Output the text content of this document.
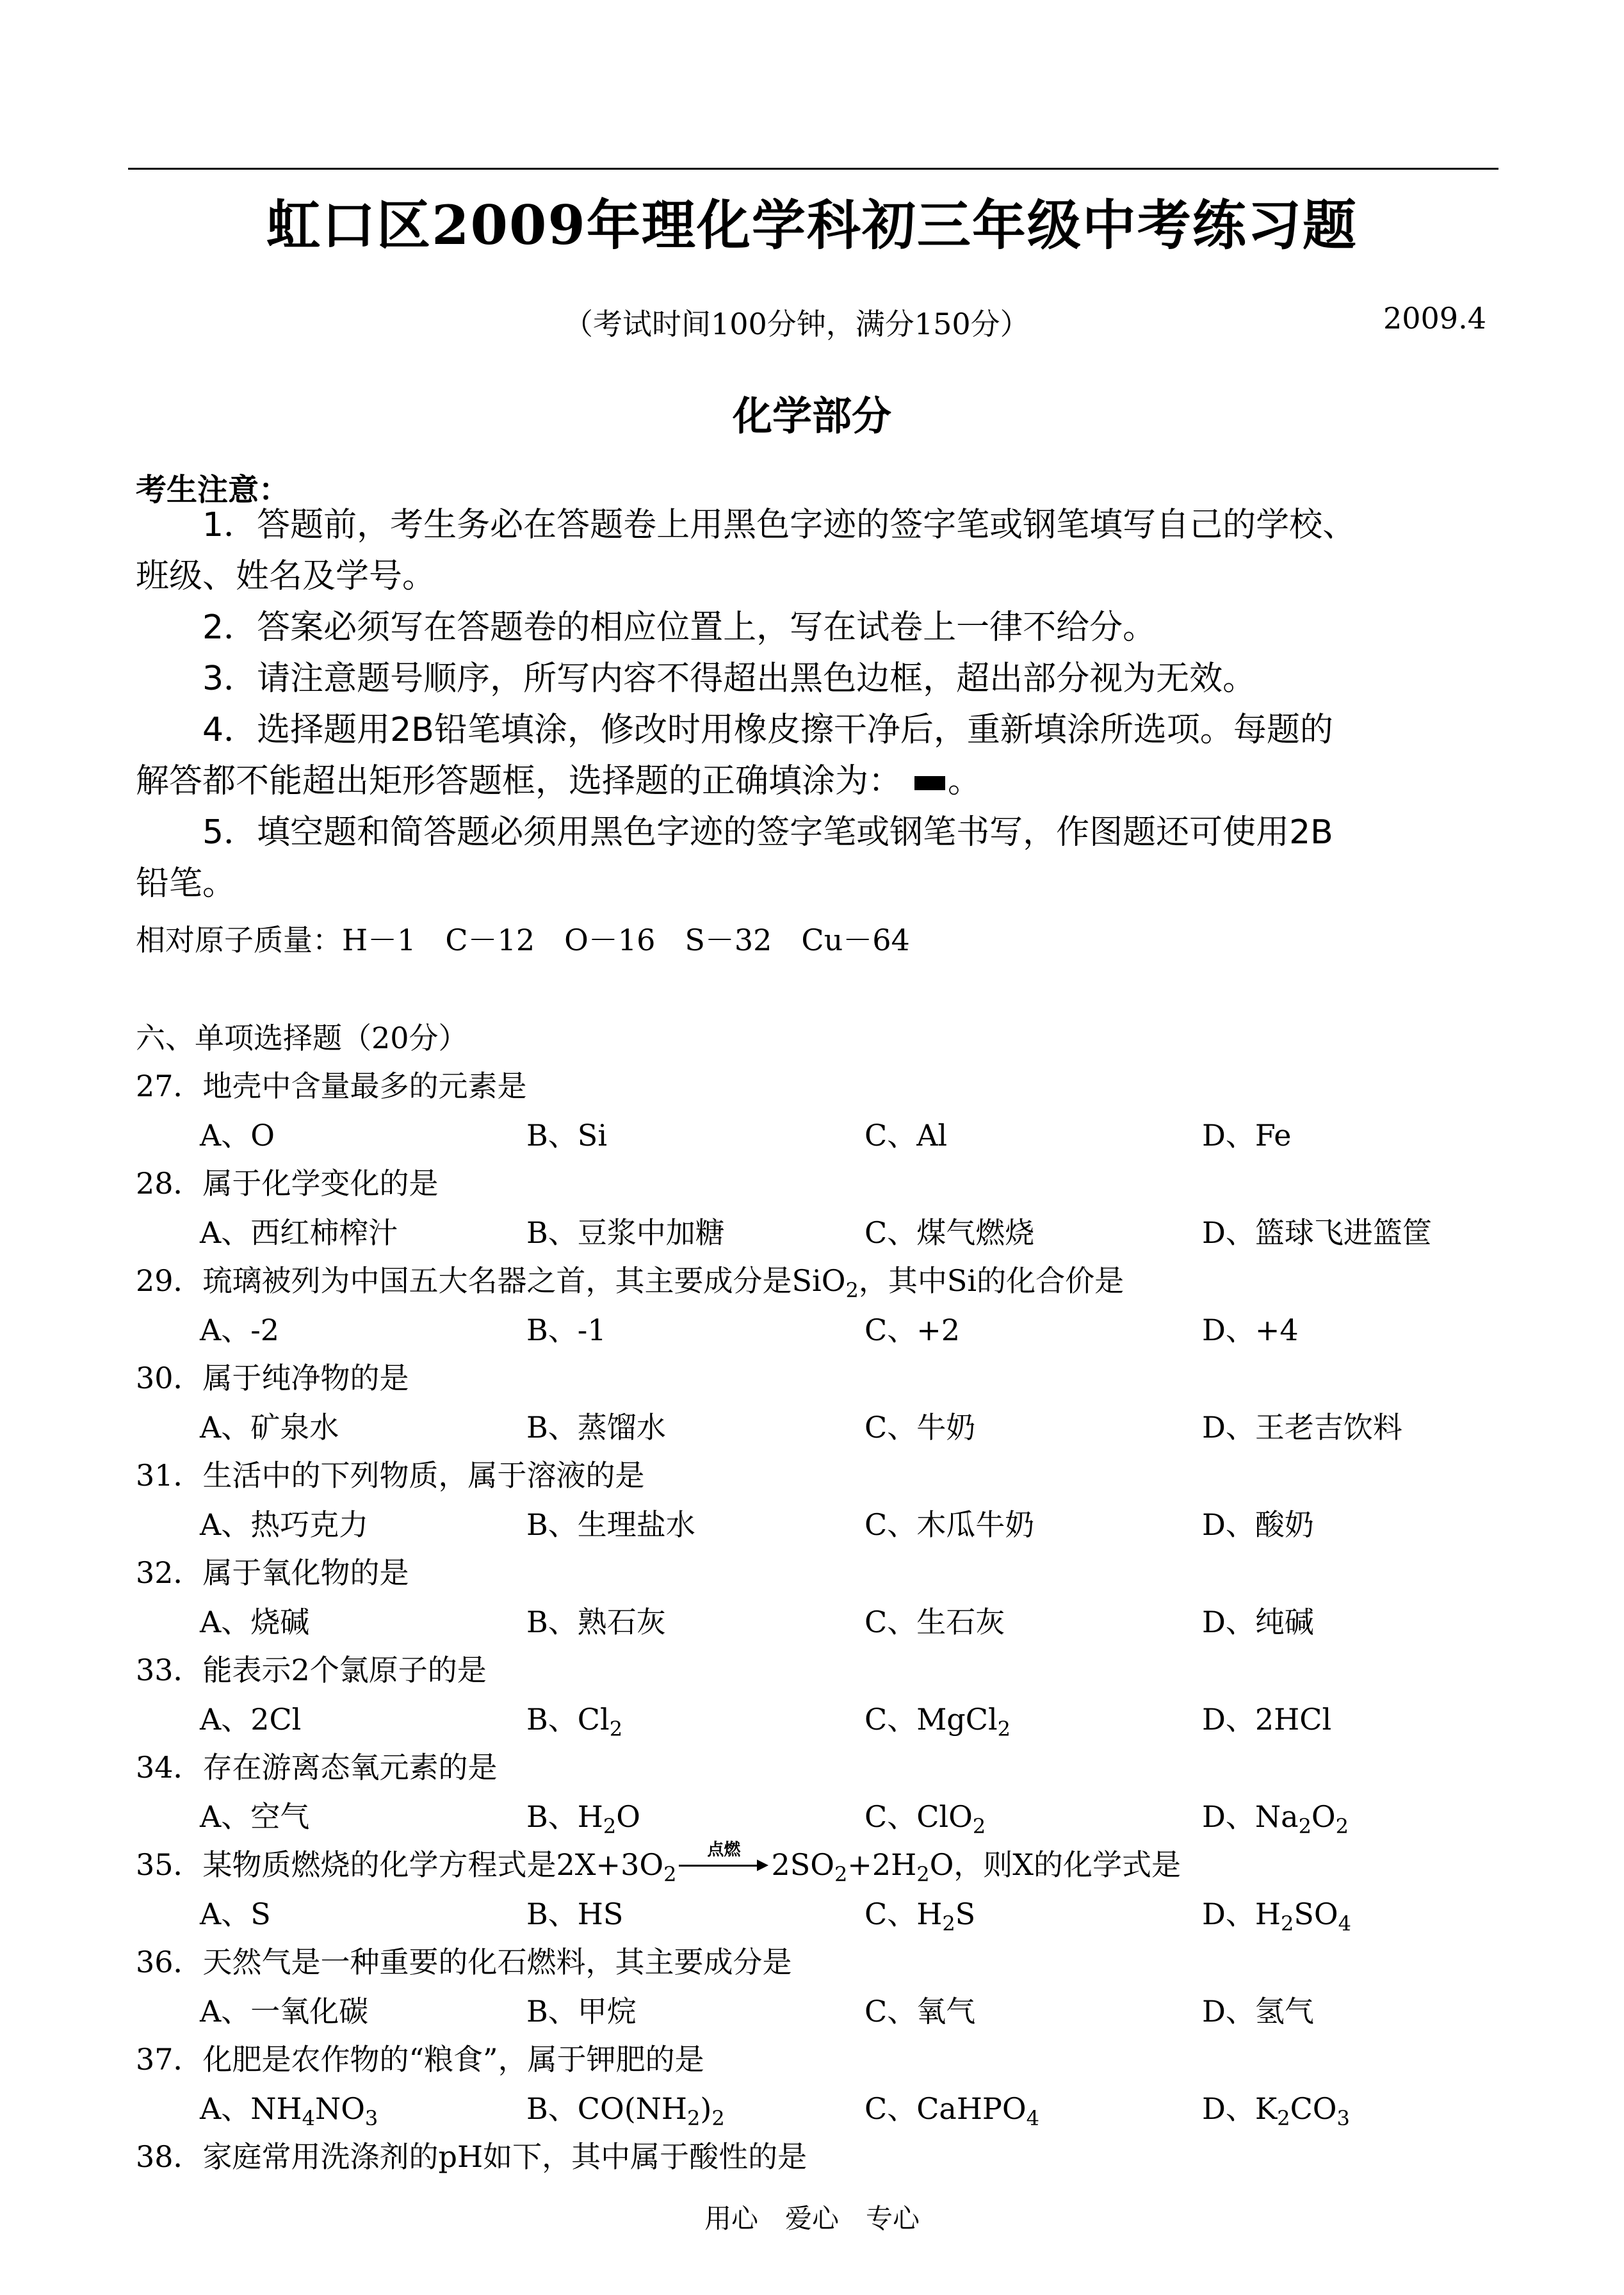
虹口区2009年理化学科初三年级中考练习题
（考试时间100分钟，满分150分）	2009.4
化学部分
考生注意：
1．答题前，考生务必在答题卷上用黑色字迹的签字笔或钢笔填写自己的学校、
班级、姓名及学号。
2．答案必须写在答题卷的相应位置上，写在试卷上一律不给分。
3．请注意题号顺序，所写内容不得超出黑色边框，超出部分视为无效。
4．选择题用2B铅笔填涂，修改时用橡皮擦干净后，重新填涂所选项。每题的
解答都不能超出矩形答题框，选择题的正确填涂为： 。
5．填空题和简答题必须用黑色字迹的签字笔或钢笔书写，作图题还可使用2B
铅笔。
相对原子质量：H－1　C－12　O－16　S－32　Cu－64
六、单项选择题（20分）
27．地壳中含量最多的元素是
A、O	B、Si	C、Al	D、Fe
28．属于化学变化的是
A、西红柿榨汁	B、豆浆中加糖	C、煤气燃烧	D、篮球飞进篮筐
29．琉璃被列为中国五大名器之首，其主要成分是SiO$_2$，其中Si的化合价是
A、-2	B、-1	C、+2	D、+4
30．属于纯净物的是
A、矿泉水	B、蒸馏水	C、牛奶	D、王老吉饮料
31．生活中的下列物质，属于溶液的是
A、热巧克力	B、生理盐水	C、木瓜牛奶	D、酸奶
32．属于氧化物的是
A、烧碱	B、熟石灰	C、生石灰	D、纯碱
33．能表示2个氯原子的是
A、2Cl	B、$Cl_2$	C、MgCl$_2$	D、2HCl
34．存在游离态氧元素的是
A、空气	B、$H_2O$	C、ClO$_2$	D、$Na_2O_2$
35．某物质燃烧的化学方程式是$2X+3O_2$
点燃	$2SO_2+2H_2O$，则X的化学式是
A、S	B、HS	C、$H_2S$	D、$H_2SO_4$
36．天然气是一种重要的化石燃料，其主要成分是
A、一氧化碳	B、甲烷	C、氧气	D、氢气
37．化肥是农作物的“粮食”，属于钾肥的是
A、$NH_4NO_3$	B、$CO(NH_2)_2$	C、CaHPO$_4$	D、$K_2CO_3$
38．家庭常用洗涤剂的pH如下，其中属于酸性的是
用心　爱心　专心
